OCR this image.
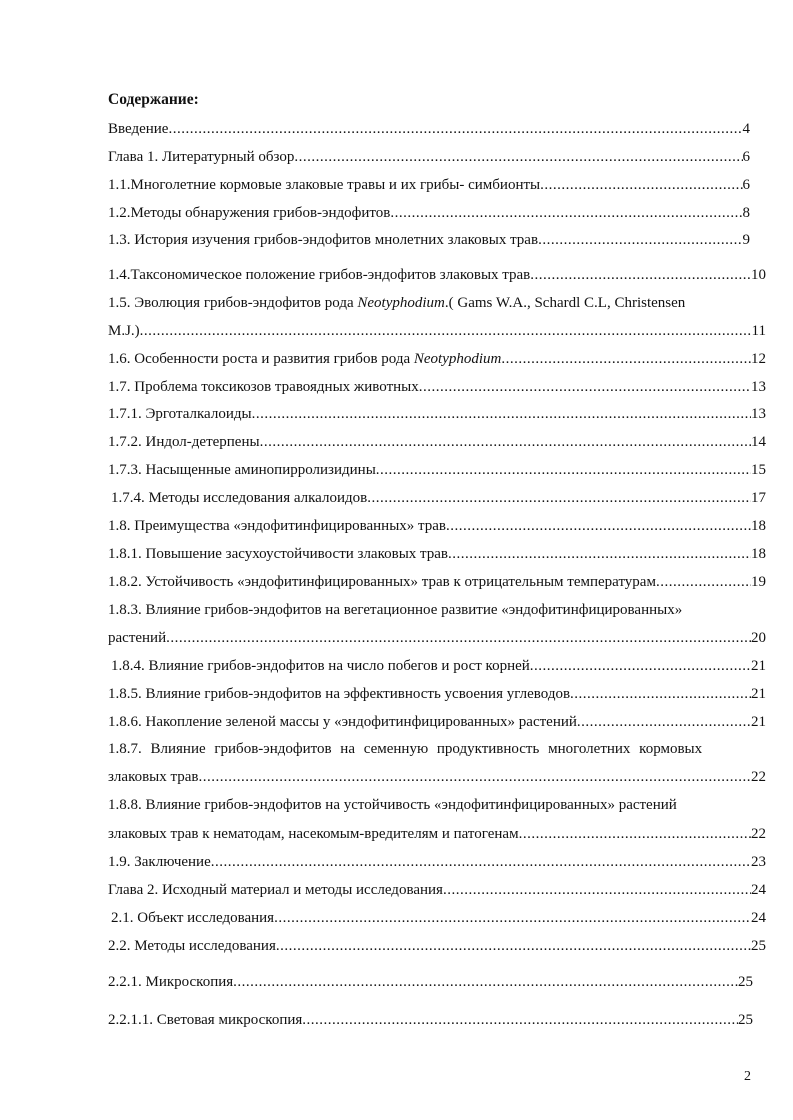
Содержание:
Введение .....	4
Глава 1. Литературный обзор .....	6
1.1.Многолетние кормовые злаковые травы и их грибы- симбионты .....	6
1.2.Методы обнаружения грибов-эндофитов .....	8
1.3. История изучения грибов-эндофитов мнолетних злаковых трав .....	9
1.4.Таксономическое положение грибов-эндофитов злаковых трав .....	10
1.5. Эволюция грибов-эндофитов рода Neotyphodium.( Gams W.A., Schardl C.L, Christensen
M.J.) .....	11
1.6. Особенности роста и развития грибов рода Neotyphodium .....	12
1.7. Проблема токсикозов травоядных животных .....	13
1.7.1. Эрготалкалоиды .....	13
1.7.2. Индол-детерпены .....	14
1.7.3. Насыщенные аминопирролизидины .....	15
1.7.4. Методы исследования алкалоидов .....	17
1.8. Преимущества «эндофитинфицированных» трав .....	18
1.8.1. Повышение засухоустойчивости злаковых трав .....	18
1.8.2. Устойчивость «эндофитинфицированных» трав к отрицательным температурам .....	19
1.8.3. Влияние грибов-эндофитов на вегетационное развитие «эндофитинфицированных»
растений .....	20
1.8.4. Влияние грибов-эндофитов на число побегов и рост корней .....	21
1.8.5. Влияние грибов-эндофитов на эффективность усвоения углеводов .....	21
1.8.6. Накопление зеленой массы у «эндофитинфицированных» растений .....	21
1.8.7. Влияние грибов-эндофитов на семенную продуктивность многолетних кормовых
злаковых трав .....	22
1.8.8. Влияние грибов-эндофитов на устойчивость «эндофитинфицированных» растений
злаковых трав к нематодам, насекомым-вредителям и патогенам .....	22
1.9. Заключение .....	23
Глава 2. Исходный материал и методы исследования .....	24
2.1. Объект исследования .....	24
2.2. Методы исследования .....	25
2.2.1. Микроскопия .....	25
2.2.1.1. Световая микроскопия .....	25
2
